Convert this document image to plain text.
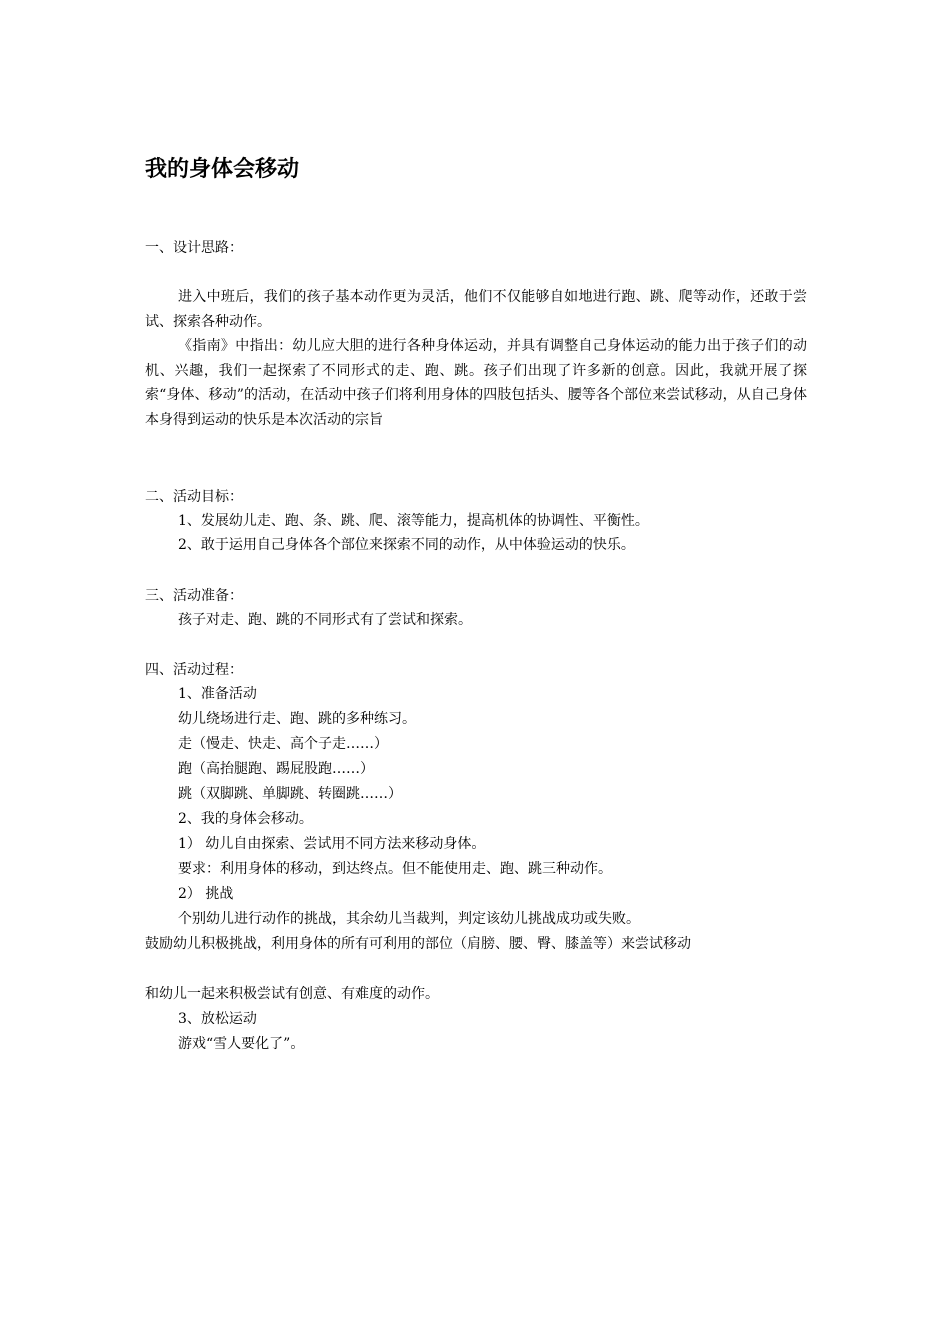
我的身体会移动
一、设计思路：
进入中班后，我们的孩子基本动作更为灵活，他们不仅能够自如地进行跑、跳、爬等动作，还敢于尝试、探索各种动作。
《指南》中指出：幼儿应大胆的进行各种身体运动，并具有调整自己身体运动的能力出于孩子们的动机、兴趣，我们一起探索了不同形式的走、跑、跳。孩子们出现了许多新的创意。因此，我就开展了探索“身体、移动”的活动，在活动中孩子们将利用身体的四肢包括头、腰等各个部位来尝试移动，从自己身体本身得到运动的快乐是本次活动的宗旨
二、活动目标：
1、发展幼儿走、跑、条、跳、爬、滚等能力，提高机体的协调性、平衡性。
2、敢于运用自己身体各个部位来探索不同的动作，从中体验运动的快乐。
三、活动准备：
孩子对走、跑、跳的不同形式有了尝试和探索。
四、活动过程：
1、准备活动
幼儿绕场进行走、跑、跳的多种练习。
走（慢走、快走、高个子走……）
跑（高抬腿跑、踢屁股跑……）
跳（双脚跳、单脚跳、转圈跳……）
2、我的身体会移动。
1） 幼儿自由探索、尝试用不同方法来移动身体。
要求：利用身体的移动，到达终点。但不能使用走、跑、跳三种动作。
2） 挑战
个别幼儿进行动作的挑战，其余幼儿当裁判，判定该幼儿挑战成功或失败。
鼓励幼儿积极挑战，利用身体的所有可利用的部位（肩膀、腰、臀、膝盖等）来尝试移动
和幼儿一起来积极尝试有创意、有难度的动作。
3、放松运动
游戏“雪人要化了”。
